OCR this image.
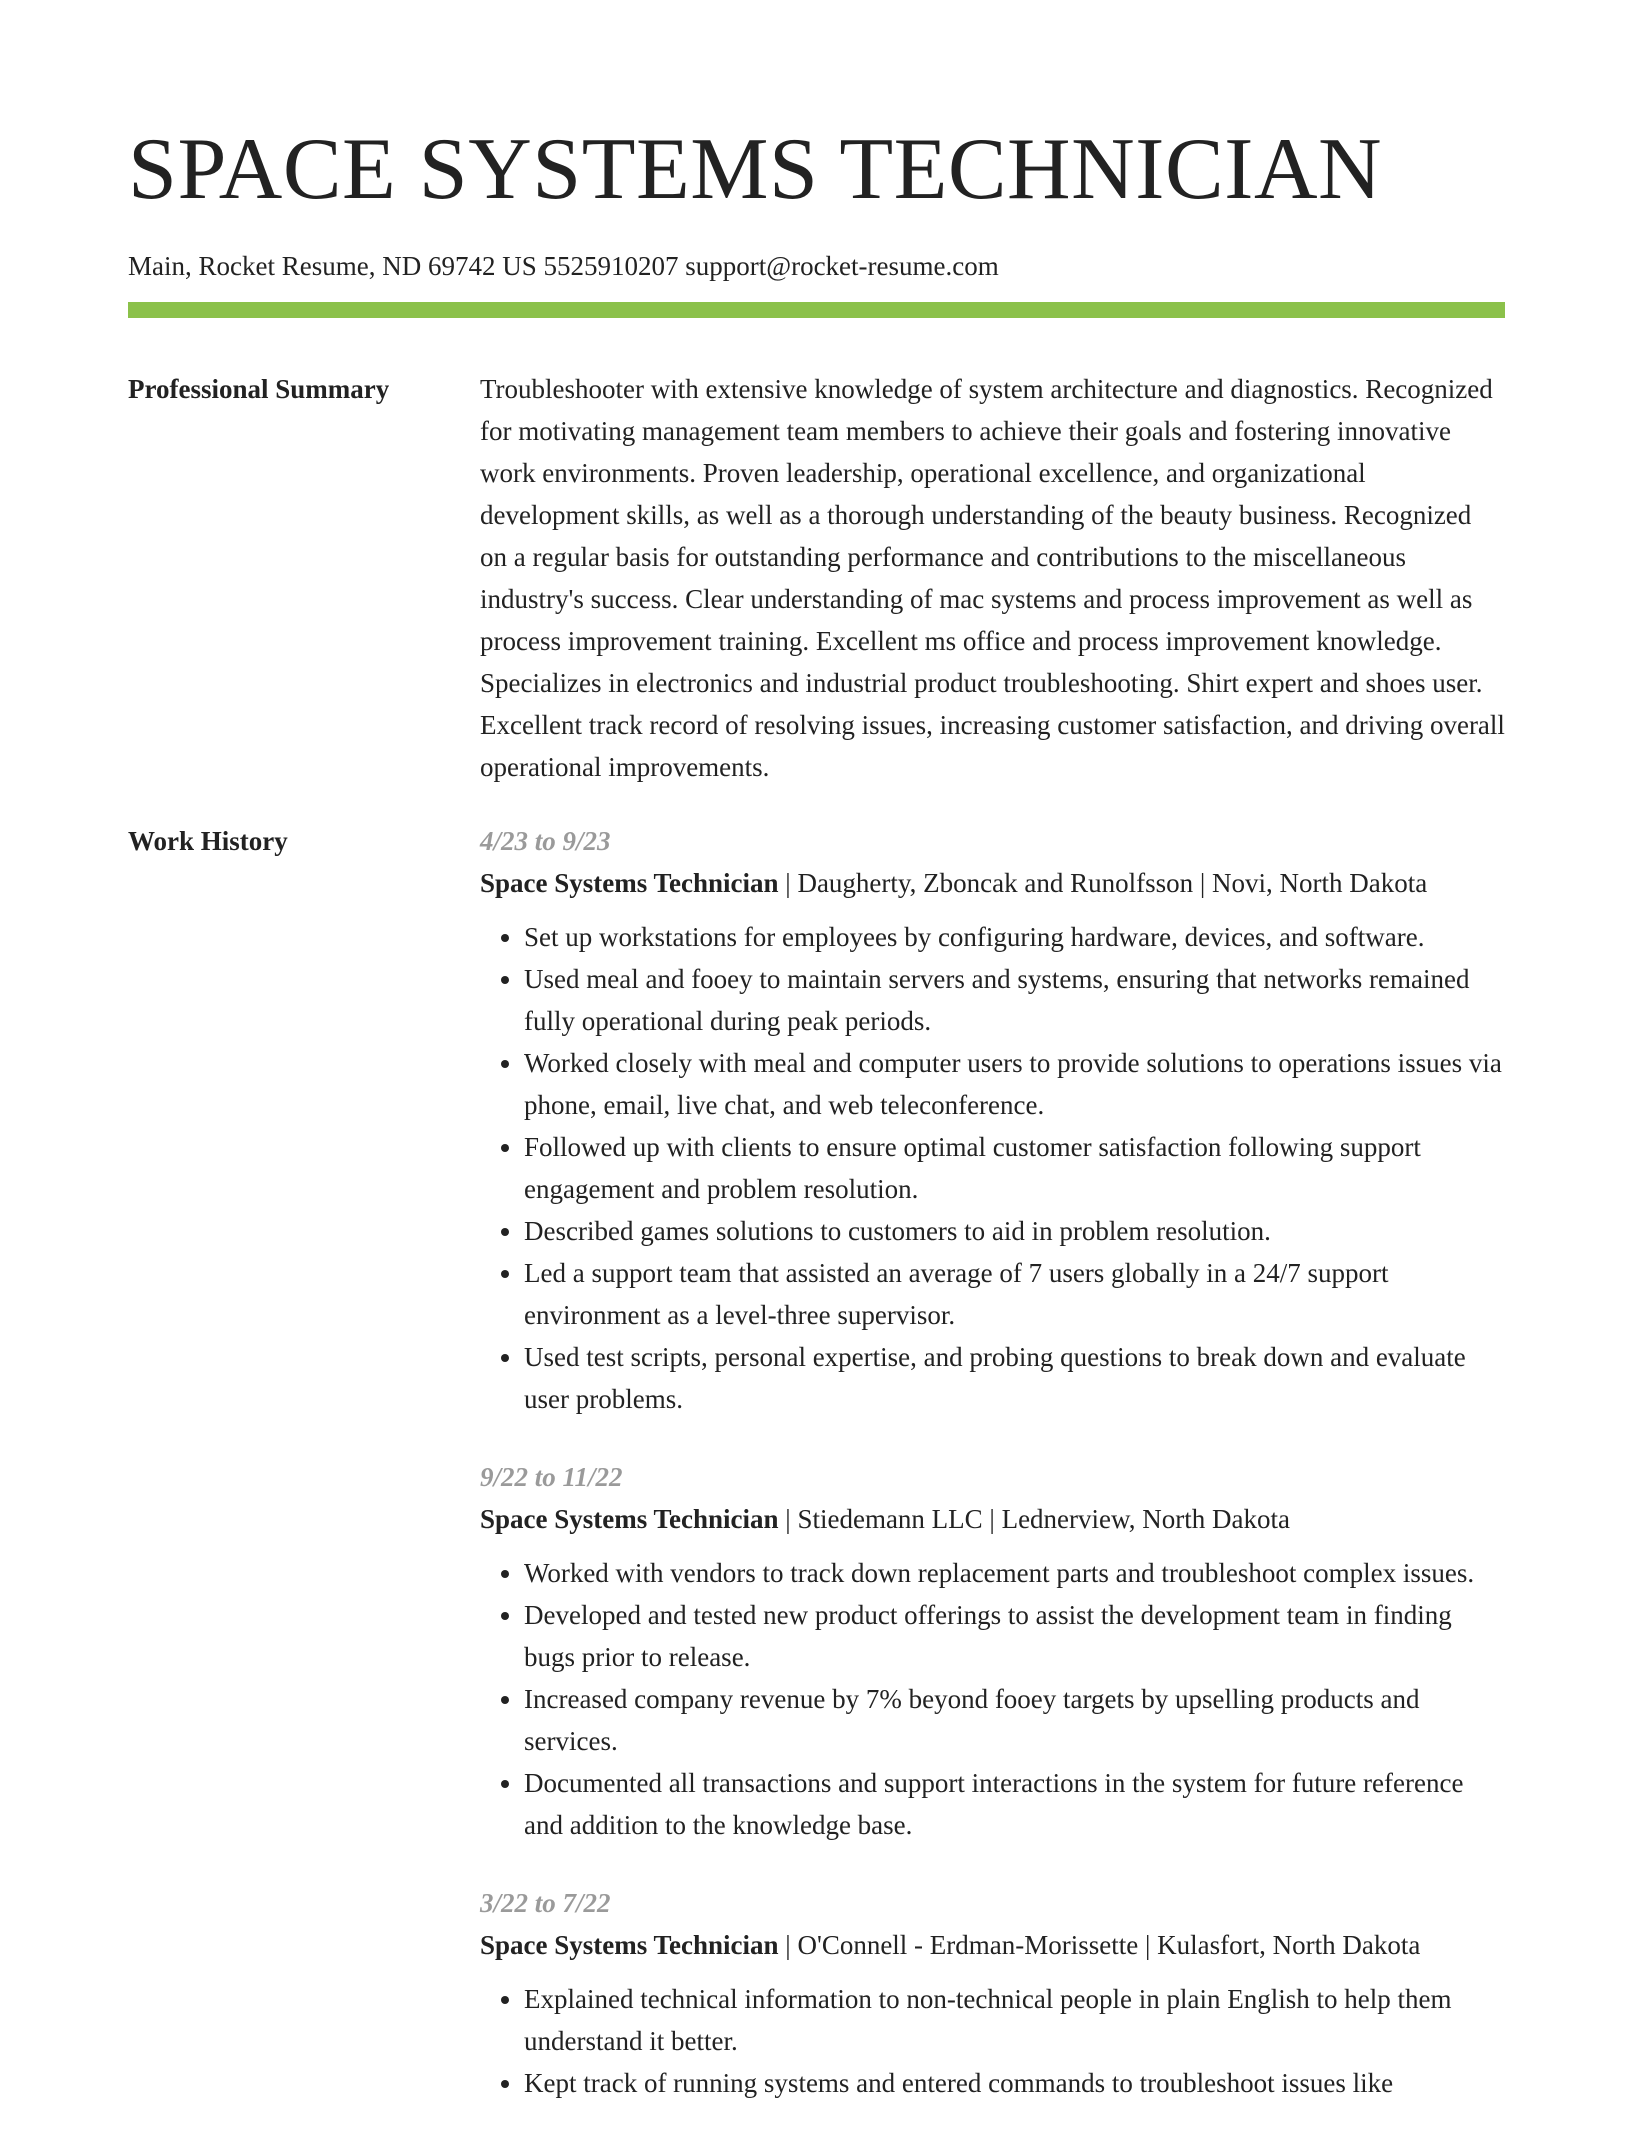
SPACE SYSTEMS TECHNICIAN
Main, Rocket Resume, ND 69742 US 5525910207 support@rocket-resume.com
Professional Summary	Troubleshooter with extensive knowledge of system architecture and diagnostics. Recognized for motivating management team members to achieve their goals and fostering innovative work environments. Proven leadership, operational excellence, and organizational development skills, as well as a thorough understanding of the beauty business. Recognized on a regular basis for outstanding performance and contributions to the miscellaneous industry's success. Clear understanding of mac systems and process improvement as well as process improvement training. Excellent ms office and process improvement knowledge. Specializes in electronics and industrial product troubleshooting. Shirt expert and shoes user. Excellent track record of resolving issues, increasing customer satisfaction, and driving overall operational improvements.
Work History	4/23 to 9/23
Space Systems Technician | Daugherty, Zboncak and Runolfsson | Novi, North Dakota
• Set up workstations for employees by configuring hardware, devices, and software.
• Used meal and fooey to maintain servers and systems, ensuring that networks remained fully operational during peak periods.
• Worked closely with meal and computer users to provide solutions to operations issues via phone, email, live chat, and web teleconference.
• Followed up with clients to ensure optimal customer satisfaction following support engagement and problem resolution.
• Described games solutions to customers to aid in problem resolution.
• Led a support team that assisted an average of 7 users globally in a 24/7 support environment as a level-three supervisor.
• Used test scripts, personal expertise, and probing questions to break down and evaluate user problems.
9/22 to 11/22
Space Systems Technician | Stiedemann LLC | Lednerview, North Dakota
• Worked with vendors to track down replacement parts and troubleshoot complex issues.
• Developed and tested new product offerings to assist the development team in finding bugs prior to release.
• Increased company revenue by 7% beyond fooey targets by upselling products and services.
• Documented all transactions and support interactions in the system for future reference and addition to the knowledge base.
3/22 to 7/22
Space Systems Technician | O'Connell - Erdman-Morissette | Kulasfort, North Dakota
• Explained technical information to non-technical people in plain English to help them understand it better.
• Kept track of running systems and entered commands to troubleshoot issues like
